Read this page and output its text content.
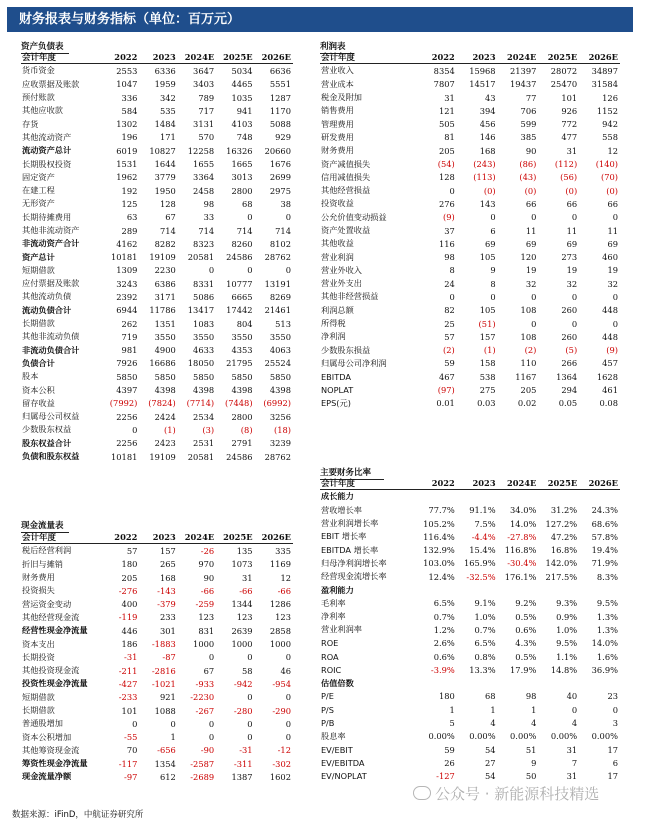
财务报表与财务指标（单位：百万元）
资产负债表
会计年度	2022	2023	2024E	2025E	2026E
货币资金	2553	6336	3647	5034	6636
应收票据及账款	1047	1959	3403	4465	5551
预付账款	336	342	789	1035	1287
其他应收款	584	535	717	941	1170
存货	1302	1484	3131	4103	5088
其他流动资产	196	171	570	748	929
流动资产总计	6019	10827	12258	16326	20660
长期股权投资	1531	1644	1655	1665	1676
固定资产	1962	3779	3364	3013	2699
在建工程	192	1950	2458	2800	2975
无形资产	125	128	98	68	38
长期待摊费用	63	67	33	0	0
其他非流动资产	289	714	714	714	714
非流动资产合计	4162	8282	8323	8260	8102
资产总计	10181	19109	20581	24586	28762
短期借款	1309	2230	0	0	0
应付票据及账款	3243	6386	8331	10777	13191
其他流动负债	2392	3171	5086	6665	8269
流动负债合计	6944	11786	13417	17442	21461
长期借款	262	1351	1083	804	513
其他非流动负债	719	3550	3550	3550	3550
非流动负债合计	981	4900	4633	4353	4063
负债合计	7926	16686	18050	21795	25524
股本	5850	5850	5850	5850	5850
资本公积	4397	4398	4398	4398	4398
留存收益	(7992)	(7824)	(7714)	(7448)	(6992)
归属母公司权益	2256	2424	2534	2800	3256
少数股东权益	0	(1)	(3)	(8)	(18)
股东权益合计	2256	2423	2531	2791	3239
负债和股东权益	10181	19109	20581	24586	28762
利润表
会计年度	2022	2023	2024E	2025E	2026E
营业收入	8354	15968	21397	28072	34897
营业成本	7807	14517	19437	25470	31584
税金及附加	31	43	77	101	126
销售费用	121	394	706	926	1152
管理费用	505	456	599	772	942
研发费用	81	146	385	477	558
财务费用	205	168	90	31	12
资产减值损失	(54)	(243)	(86)	(112)	(140)
信用减值损失	128	(113)	(43)	(56)	(70)
其他经营损益	0	(0)	(0)	(0)	(0)
投资收益	276	143	66	66	66
公允价值变动损益	(9)	0	0	0	0
资产处置收益	37	6	11	11	11
其他收益	116	69	69	69	69
营业利润	98	105	120	273	460
营业外收入	8	9	19	19	19
营业外支出	24	8	32	32	32
其他非经营损益	0	0	0	0	0
利润总额	82	105	108	260	448
所得税	25	(51)	0	0	0
净利润	57	157	108	260	448
少数股东损益	(2)	(1)	(2)	(5)	(9)
归属母公司净利润	59	158	110	266	457
EBITDA	467	538	1167	1364	1628
NOPLAT	(97)	275	205	294	461
EPS(元)	0.01	0.03	0.02	0.05	0.08
主要财务比率
会计年度	2022	2023	2024E	2025E	2026E
成长能力					
营收增长率	77.7%	91.1%	34.0%	31.2%	24.3%
营业利润增长率	105.2%	7.5%	14.0%	127.2%	68.6%
EBIT 增长率	116.4%	-4.4%	-27.8%	47.2%	57.8%
EBITDA 增长率	132.9%	15.4%	116.8%	16.8%	19.4%
归母净利润增长率	103.0%	165.9%	-30.4%	142.0%	71.9%
经营现金流增长率	12.4%	-32.5%	176.1%	217.5%	8.3%
盈利能力					
毛利率	6.5%	9.1%	9.2%	9.3%	9.5%
净利率	0.7%	1.0%	0.5%	0.9%	1.3%
营业利润率	1.2%	0.7%	0.6%	1.0%	1.3%
ROE	2.6%	6.5%	4.3%	9.5%	14.0%
ROA	0.6%	0.8%	0.5%	1.1%	1.6%
ROIC	-3.9%	13.3%	17.9%	14.8%	36.9%
估值倍数					
P/E	180	68	98	40	23
P/S	1	1	1	0	0
P/B	5	4	4	4	3
股息率	0.00%	0.00%	0.00%	0.00%	0.00%
EV/EBIT	59	54	51	31	17
EV/EBITDA	26	27	9	7	6
EV/NOPLAT	-127	54	50	31	17
现金流量表
会计年度	2022	2023	2024E	2025E	2026E
税后经营利润	57	157	-26	135	335
折旧与摊销	180	265	970	1073	1169
财务费用	205	168	90	31	12
投资损失	-276	-143	-66	-66	-66
营运资金变动	400	-379	-259	1344	1286
其他经营现金流	-119	233	123	123	123
经营性现金净流量	446	301	831	2639	2858
资本支出	186	-1883	1000	1000	1000
长期投资	-31	-87	0	0	0
其他投资现金流	-211	-2816	67	58	46
投资性现金净流量	-427	-1021	-933	-942	-954
短期借款	-233	921	-2230	0	0
长期借款	101	1088	-267	-280	-290
普通股增加	0	0	0	0	0
资本公积增加	-55	1	0	0	0
其他筹资现金流	70	-656	-90	-31	-12
筹资性现金净流量	-117	1354	-2587	-311	-302
现金流量净额	-97	612	-2689	1387	1602
数据来源：iFinD，中航证券研究所
公众号 · 新能源科技精选
